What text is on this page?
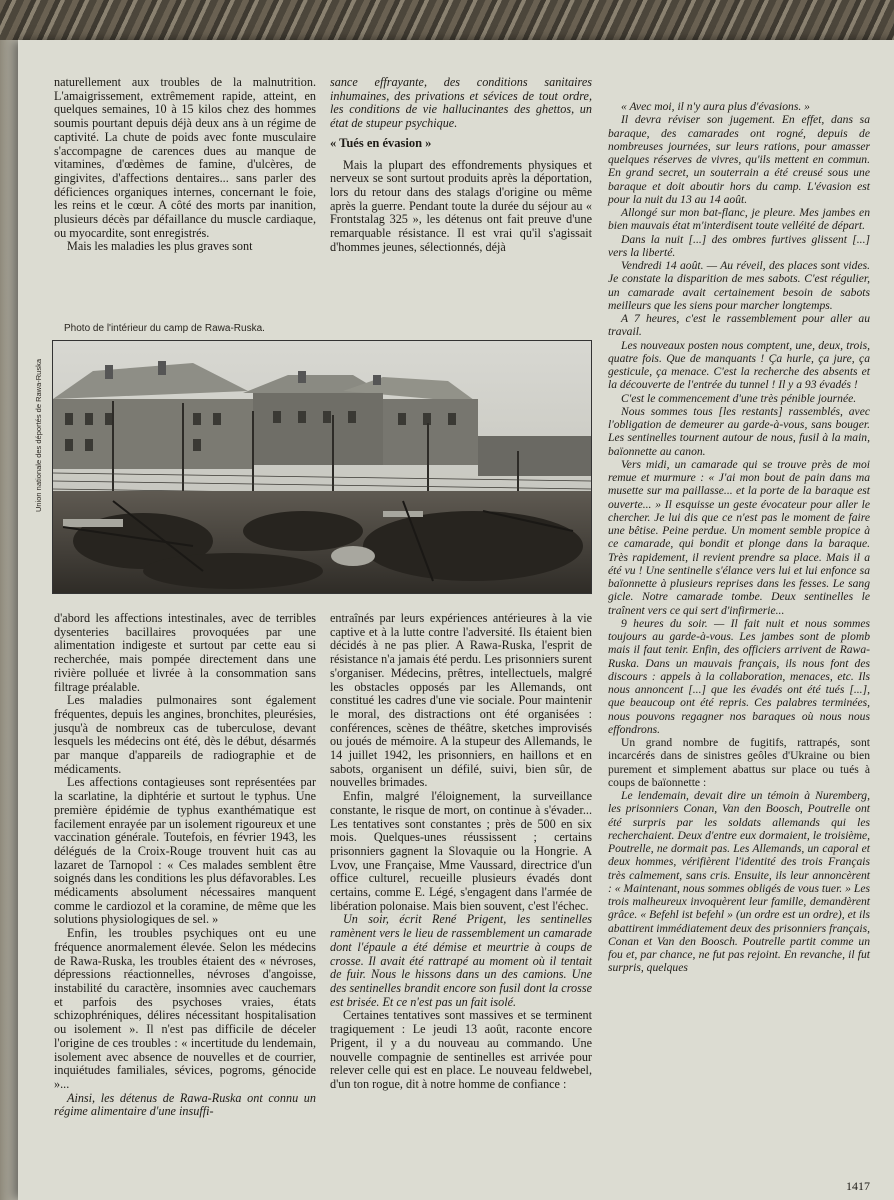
naturellement aux troubles de la malnutrition. L'amaigrissement, extrêmement rapide, atteint, en quelques semaines, 10 à 15 kilos chez des hommes soumis pourtant depuis déjà deux ans à un régime de captivité. La chute de poids avec fonte musculaire s'accompagne de carences dues au manque de vitamines, d'œdèmes de famine, d'ulcères, de gingivites, d'affections dentaires... sans parler des déficiences organiques internes, concernant le foie, les reins et le cœur. A côté des morts par inanition, plusieurs décès par défaillance du muscle cardiaque, ou myocardite, sont enregistrés.

Mais les maladies les plus graves sont

sance effrayante, des conditions sanitaires inhumaines, des privations et sévices de tout ordre, les conditions de vie hallucinantes des ghettos, un état de stupeur psychique.

« Tués en évasion »

Mais la plupart des effondrements physiques et nerveux se sont surtout produits après la déportation, lors du retour dans des stalags d'origine ou même après la guerre. Pendant toute la durée du séjour au « Frontstalag 325 », les détenus ont fait preuve d'une remarquable résistance. Il est vrai qu'il s'agissait d'hommes jeunes, sélectionnés, déjà

Photo de l'intérieur du camp de Rawa-Ruska.
Union nationale des déportés de Rawa-Ruska

d'abord les affections intestinales, avec de terribles dysenteries bacillaires provoquées par une alimentation indigeste et surtout par cette eau si recherchée, mais pompée directement dans une rivière polluée et livrée à la consommation sans filtrage préalable.

Les maladies pulmonaires sont également fréquentes, depuis les angines, bronchites, pleurésies, jusqu'à de nombreux cas de tuberculose, devant lesquels les médecins ont été, dès le début, désarmés par manque d'appareils de radiographie et de médicaments.

Les affections contagieuses sont représentées par la scarlatine, la diphtérie et surtout le typhus. Une première épidémie de typhus exanthématique est facilement enrayée par un isolement rigoureux et une vaccination générale. Toutefois, en février 1943, les délégués de la Croix-Rouge trouvent huit cas au lazaret de Tarnopol : « Ces malades semblent être soignés dans les conditions les plus défavorables. Les médicaments absolument nécessaires manquent comme le cardiozol et la coramine, de même que les solutions physiologiques de sel. »

Enfin, les troubles psychiques ont eu une fréquence anormalement élevée. Selon les médecins de Rawa-Ruska, les troubles étaient des « névroses, dépressions réactionnelles, névroses d'angoisse, instabilité du caractère, insomnies avec cauchemars et parfois des psychoses vraies, états schizophréniques, délires nécessitant hospitalisation ou isolement ». Il n'est pas difficile de déceler l'origine de ces troubles : « incertitude du lendemain, isolement avec absence de nouvelles et de courrier, inquiétudes familiales, sévices, pogroms, génocide »...

Ainsi, les détenus de Rawa-Ruska ont connu un régime alimentaire d'une insuffi-

entraînés par leurs expériences antérieures à la vie captive et à la lutte contre l'adversité. Ils étaient bien décidés à ne pas plier. A Rawa-Ruska, l'esprit de résistance n'a jamais été perdu. Les prisonniers surent s'organiser. Médecins, prêtres, intellectuels, malgré les obstacles opposés par les Allemands, ont constitué les cadres d'une vie sociale. Pour maintenir le moral, des distractions ont été organisées : conférences, scènes de théâtre, sketches improvisés ou joués de mémoire. A la stupeur des Allemands, le 14 juillet 1942, les prisonniers, en haillons et en sabots, organisent un défilé, suivi, bien sûr, de nouvelles brimades.

Enfin, malgré l'éloignement, la surveillance constante, le risque de mort, on continue à s'évader... Les tentatives sont constantes ; près de 500 en six mois. Quelques-unes réussissent ; certains prisonniers gagnent la Slovaquie ou la Hongrie. A Lvov, une Française, Mme Vaussard, directrice d'un office culturel, recueille plusieurs évadés dont certains, comme E. Légé, s'engagent dans l'armée de libération polonaise. Mais bien souvent, c'est l'échec.

Un soir, écrit René Prigent, les sentinelles ramènent vers le lieu de rassemblement un camarade dont l'épaule a été démise et meurtrie à coups de crosse. Il avait été rattrapé au moment où il tentait de fuir. Nous le hissons dans un des camions. Une des sentinelles brandit encore son fusil dont la crosse est brisée. Et ce n'est pas un fait isolé.

Certaines tentatives sont massives et se terminent tragiquement : Le jeudi 13 août, raconte encore Prigent, il y a du nouveau au commando. Une nouvelle compagnie de sentinelles est arrivée pour relever celle qui est en place. Le nouveau feldwebel, d'un ton rogue, dit à notre homme de confiance :

« Avec moi, il n'y aura plus d'évasions. »

Il devra réviser son jugement. En effet, dans sa baraque, des camarades ont rogné, depuis de nombreuses journées, sur leurs rations, pour amasser quelques réserves de vivres, qu'ils mettent en commun. En grand secret, un souterrain a été creusé sous une baraque et doit aboutir hors du camp. L'évasion est pour la nuit du 13 au 14 août.

Allongé sur mon bat-flanc, je pleure. Mes jambes en bien mauvais état m'interdisent toute velléité de départ.

Dans la nuit [...] des ombres furtives glissent [...] vers la liberté.

Vendredi 14 août. — Au réveil, des places sont vides. Je constate la disparition de mes sabots. C'est régulier, un camarade avait certainement besoin de sabots meilleurs que les siens pour marcher longtemps.

A 7 heures, c'est le rassemblement pour aller au travail.

Les nouveaux posten nous comptent, une, deux, trois, quatre fois. Que de manquants ! Ça hurle, ça jure, ça gesticule, ça menace. C'est la recherche des absents et la découverte de l'entrée du tunnel ! Il y a 93 évadés !

C'est le commencement d'une très pénible journée.

Nous sommes tous [les restants] rassemblés, avec l'obligation de demeurer au garde-à-vous, sans bouger. Les sentinelles tournent autour de nous, fusil à la main, baïonnette au canon.

Vers midi, un camarade qui se trouve près de moi remue et murmure : « J'ai mon bout de pain dans ma musette sur ma paillasse... et la porte de la baraque est ouverte... » Il esquisse un geste évocateur pour aller le chercher. Je lui dis que ce n'est pas le moment de faire une bêtise. Peine perdue. Un moment semble propice à ce camarade, qui bondit et plonge dans la baraque. Très rapidement, il revient prendre sa place. Mais il a été vu ! Une sentinelle s'élance vers lui et lui enfonce sa baïonnette à plusieurs reprises dans les fesses. Le sang gicle. Notre camarade tombe. Deux sentinelles le traînent vers ce qui sert d'infirmerie...

9 heures du soir. — Il fait nuit et nous sommes toujours au garde-à-vous. Les jambes sont de plomb mais il faut tenir. Enfin, des officiers arrivent de Rawa-Ruska. Dans un mauvais français, ils nous font des discours : appels à la collaboration, menaces, etc. Ils nous annoncent [...] que les évadés ont été tués [...], que beaucoup ont été repris. Ces palabres terminées, nous pouvons regagner nos baraques où nous nous effondrons.

Un grand nombre de fugitifs, rattrapés, sont incarcérés dans de sinistres geôles d'Ukraine ou bien purement et simplement abattus sur place ou tués à coups de baïonnette :

Le lendemain, devait dire un témoin à Nuremberg, les prisonniers Conan, Van den Boosch, Poutrelle ont été surpris par les soldats allemands qui les recherchaient. Deux d'entre eux dormaient, le troisième, Poutrelle, ne dormait pas. Les Allemands, un caporal et deux hommes, vérifièrent l'identité des trois Français très calmement, sans cris. Ensuite, ils leur annoncèrent : « Maintenant, nous sommes obligés de vous tuer. » Les trois malheureux invoquèrent leur famille, demandèrent grâce. « Befehl ist befehl » (un ordre est un ordre), et ils abattirent immédiatement deux des prisonniers français, Conan et Van den Boosch. Poutrelle partit comme un fou et, par chance, ne fut pas rejoint. En revanche, il fut surpris, quelques

1417
